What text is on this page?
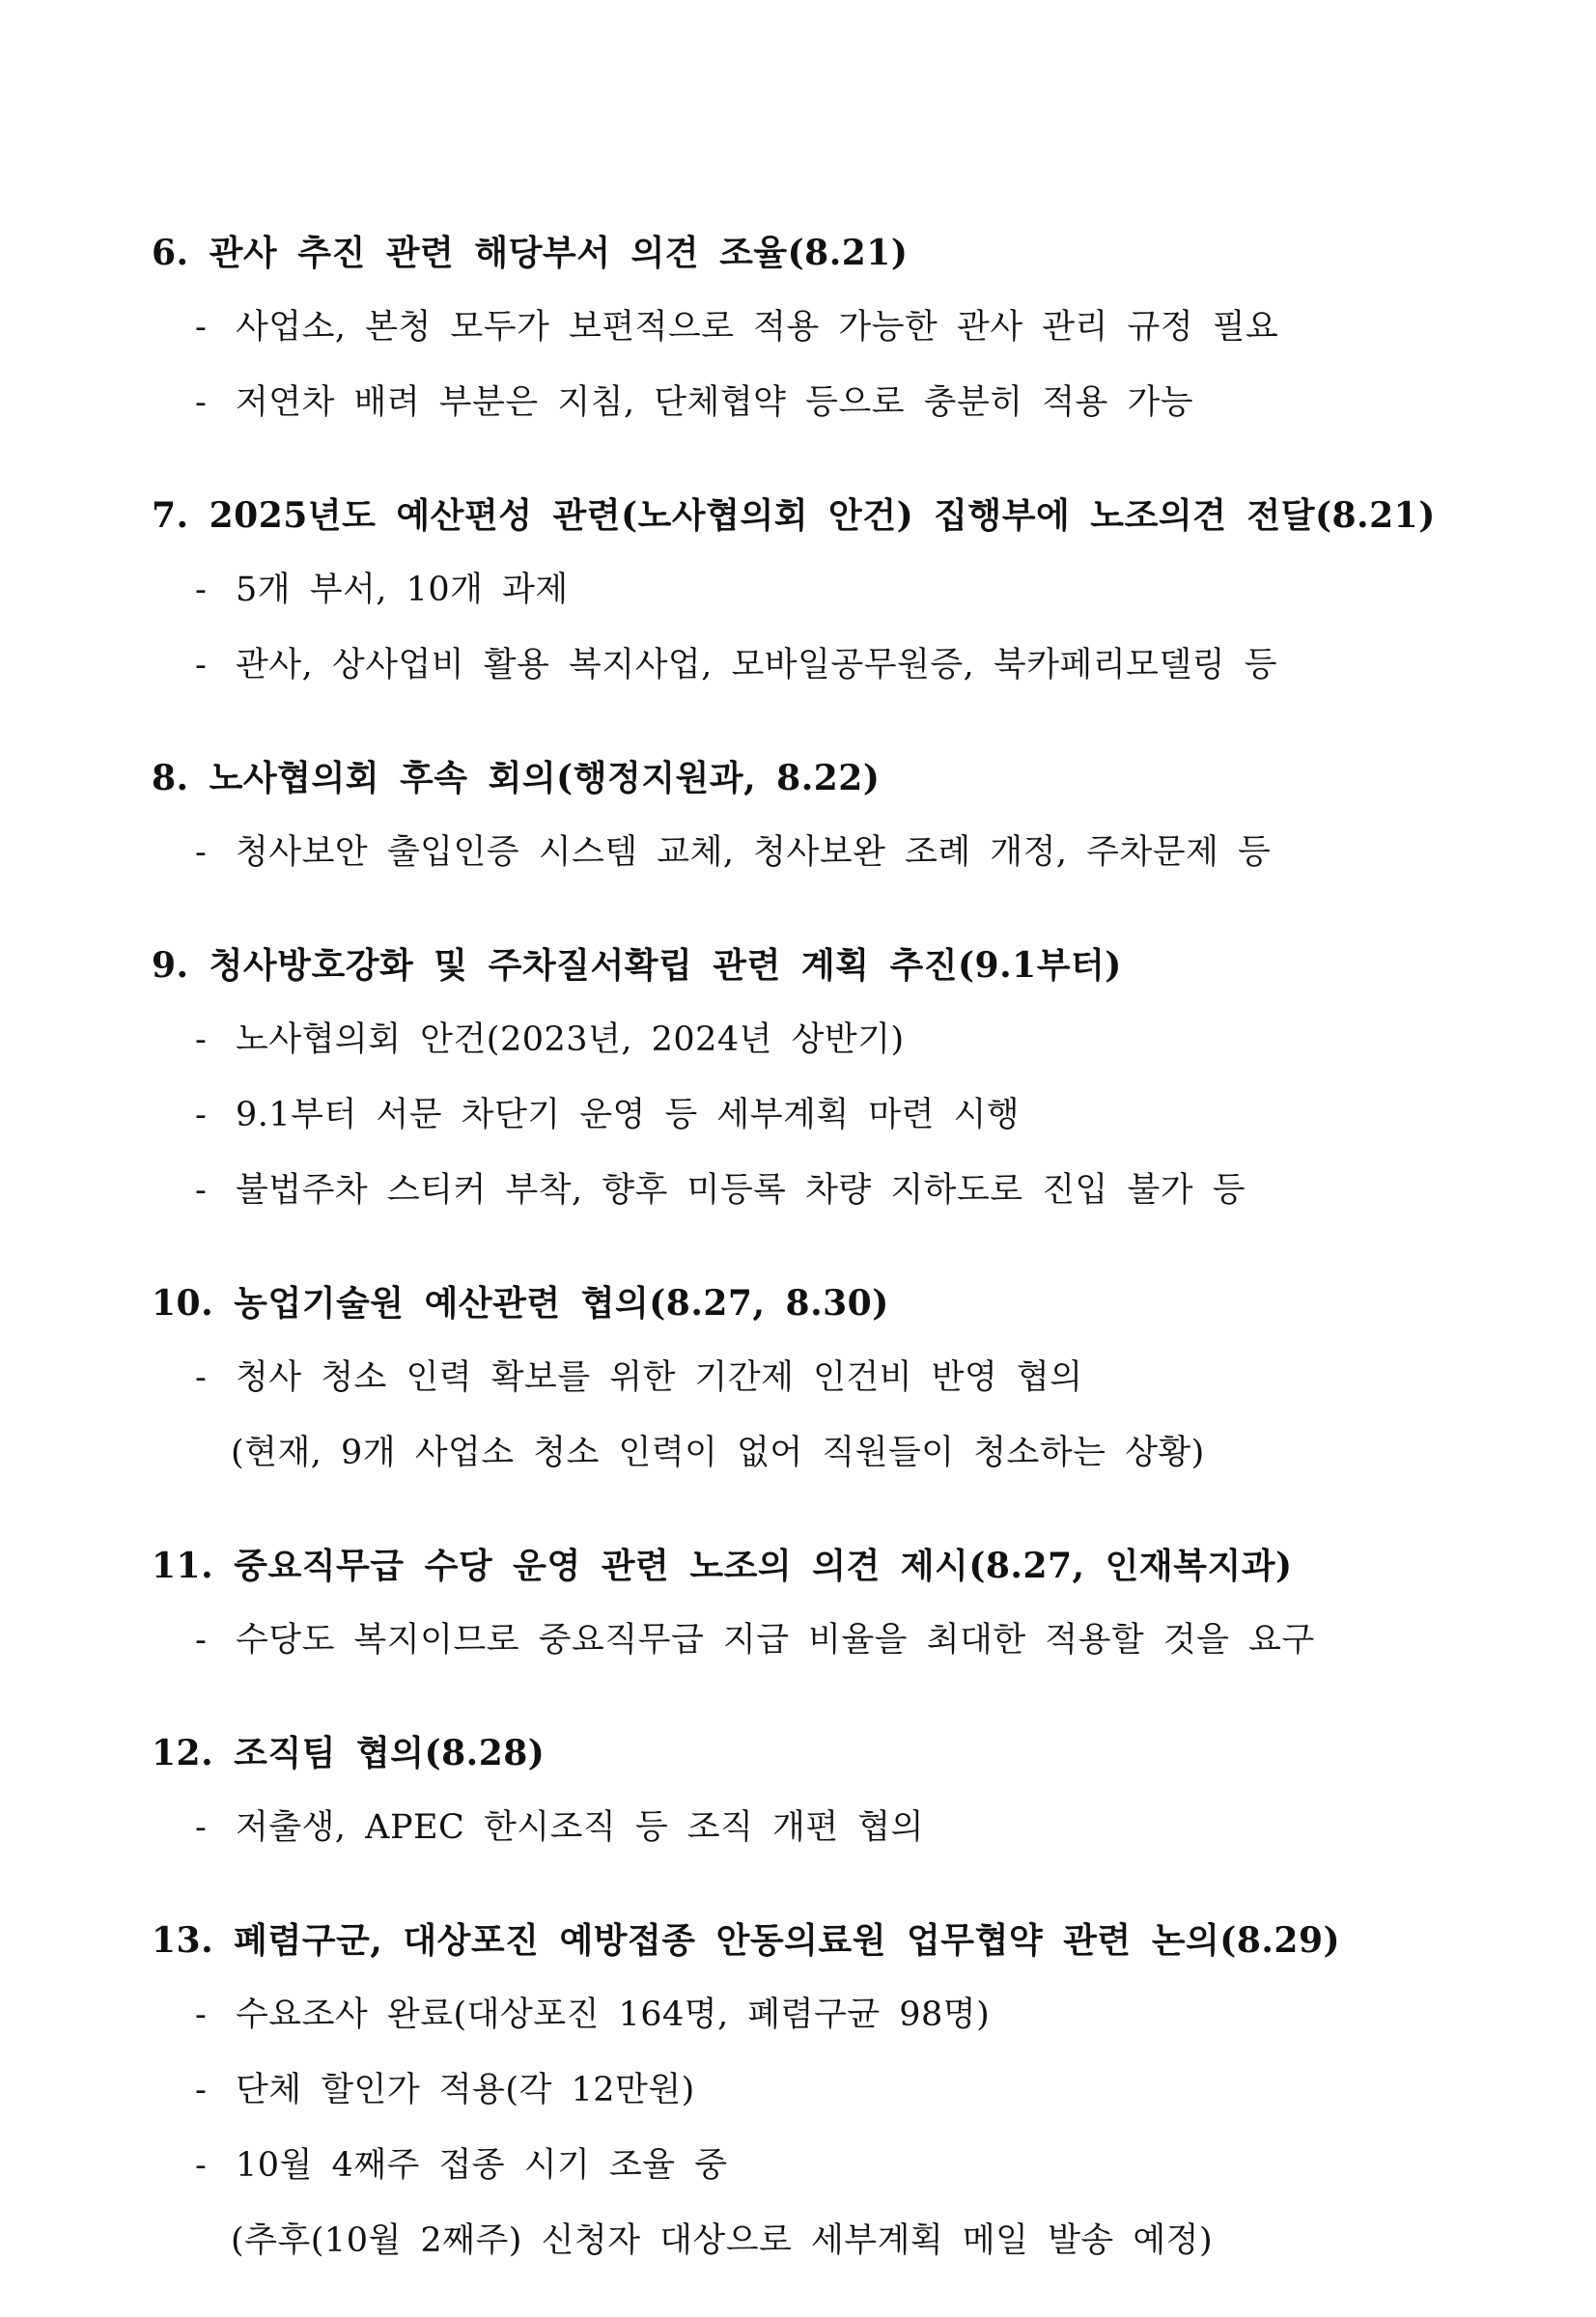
6. 관사 추진 관련 해당부서 의견 조율(8.21)
- 사업소, 본청 모두가 보편적으로 적용 가능한 관사 관리 규정 필요
- 저연차 배려 부분은 지침, 단체협약 등으로 충분히 적용 가능
7. 2025년도 예산편성 관련(노사협의회 안건) 집행부에 노조의견 전달(8.21)
- 5개 부서, 10개 과제
- 관사, 상사업비 활용 복지사업, 모바일공무원증, 북카페리모델링 등
8. 노사협의회 후속 회의(행정지원과, 8.22)
- 청사보안 출입인증 시스템 교체, 청사보완 조례 개정, 주차문제 등
9. 청사방호강화 및 주차질서확립 관련 계획 추진(9.1부터)
- 노사협의회 안건(2023년, 2024년 상반기)
- 9.1부터 서문 차단기 운영 등 세부계획 마련 시행
- 불법주차 스티커 부착, 향후 미등록 차량 지하도로 진입 불가 등
10. 농업기술원 예산관련 협의(8.27, 8.30)
- 청사 청소 인력 확보를 위한 기간제 인건비 반영 협의
(현재, 9개 사업소 청소 인력이 없어 직원들이 청소하는 상황)
11. 중요직무급 수당 운영 관련 노조의 의견 제시(8.27, 인재복지과)
- 수당도 복지이므로 중요직무급 지급 비율을 최대한 적용할 것을 요구
12. 조직팀 협의(8.28)
- 저출생, APEC 한시조직 등 조직 개편 협의
13. 폐렴구군, 대상포진 예방접종 안동의료원 업무협약 관련 논의(8.29)
- 수요조사 완료(대상포진 164명, 폐렴구균 98명)
- 단체 할인가 적용(각 12만원)
- 10월 4째주 접종 시기 조율 중
(추후(10월 2째주) 신청자 대상으로 세부계획 메일 발송 예정)
